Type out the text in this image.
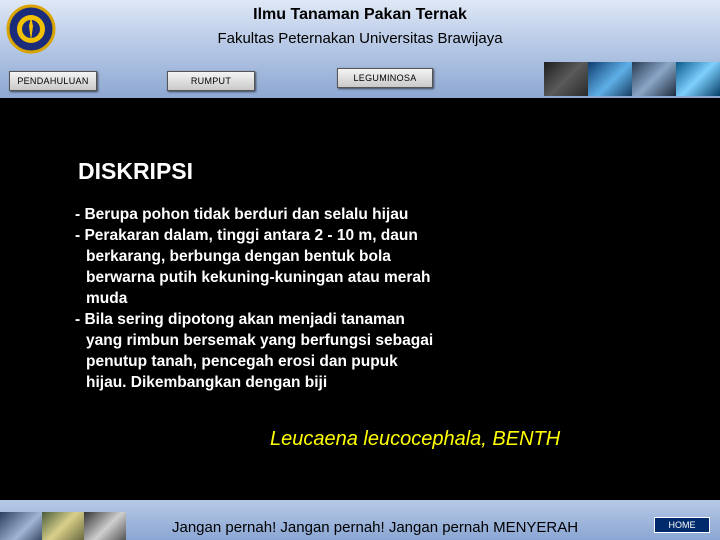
Ilmu Tanaman Pakan Ternak
Fakultas Peternakan Universitas Brawijaya
PENDAHULUAN	RUMPUT	LEGUMINOSA
DISKRIPSI
- Berupa pohon tidak berduri dan selalu hijau
- Perakaran dalam, tinggi antara 2 - 10 m, daun
berkarang, berbunga dengan bentuk bola
berwarna putih kekuning-kuningan atau merah
muda
- Bila sering dipotong akan menjadi tanaman
yang rimbun bersemak yang berfungsi sebagai
penutup tanah, pencegah erosi dan pupuk
hijau. Dikembangkan dengan biji
Leucaena leucocephala, BENTH
Jangan pernah! Jangan pernah! Jangan pernah MENYERAH	HOME
